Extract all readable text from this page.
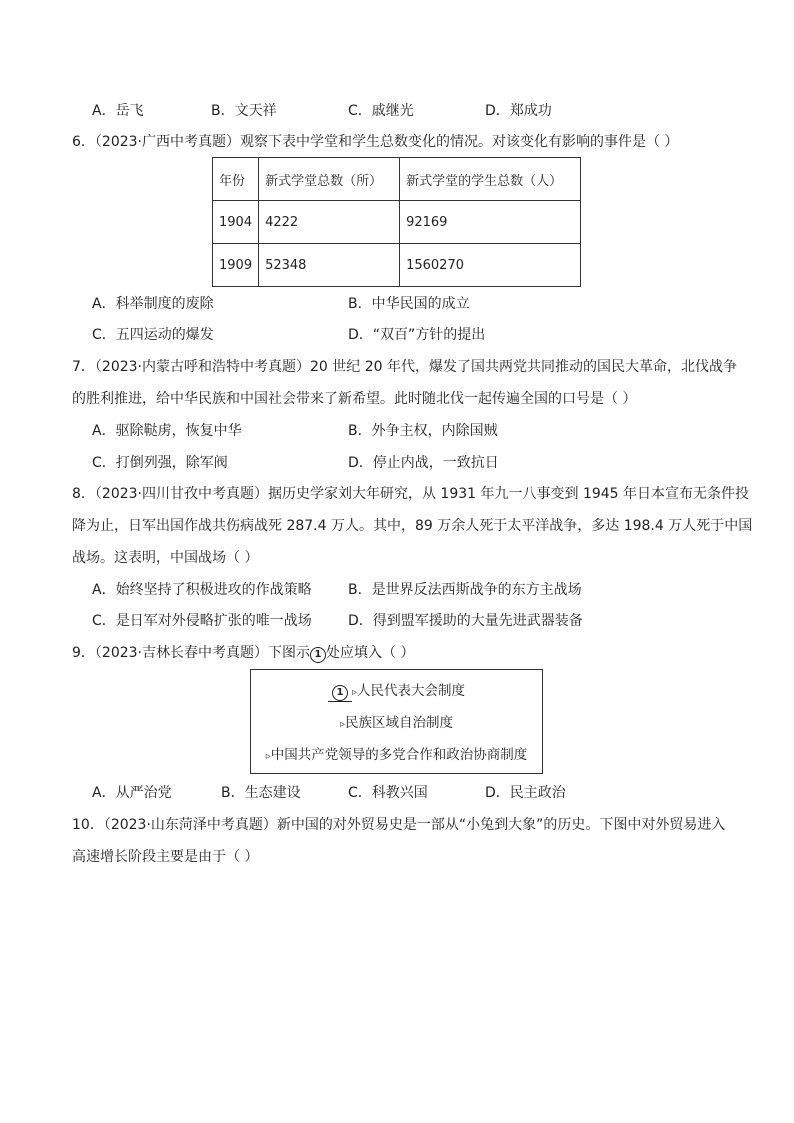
A．岳飞	B．文天祥	C．戚继光	D．郑成功
6．（2023·广西中考真题）观察下表中学堂和学生总数变化的情况。对该变化有影响的事件是（ ）
年份	新式学堂总数（所）	新式学堂的学生总数（人）
1904	4222	92169
1909	52348	1560270
A．科举制度的废除	B．中华民国的成立
C．五四运动的爆发	D．“双百”方针的提出
7．（2023·内蒙古呼和浩特中考真题）20 世纪 20 年代，爆发了国共两党共同推动的国民大革命，北伐战争
的胜利推进，给中华民族和中国社会带来了新希望。此时随北伐一起传遍全国的口号是（ ）
A．驱除鞑虏，恢复中华	B．外争主权，内除国贼
C．打倒列强，除军阀	D．停止内战，一致抗日
8．（2023·四川甘孜中考真题）据历史学家刘大年研究，从 1931 年九一八事变到 1945 年日本宣布无条件投
降为止，日军出国作战共伤病战死 287.4 万人。其中，89 万余人死于太平洋战争，多达 198.4 万人死于中国
战场。这表明，中国战场（ ）
A．始终坚持了积极进攻的作战策略	B．是世界反法西斯战争的东方主战场
C．是日军对外侵略扩张的唯一战场	D．得到盟军援助的大量先进武器装备
9．（2023·吉林长春中考真题）下图示 1 处应填入（ ）
1 ▹人民代表大会制度
▹民族区域自治制度
▹中国共产党领导的多党合作和政治协商制度
A．从严治党	B．生态建设	C．科教兴国	D．民主政治
10．（2023·山东菏泽中考真题）新中国的对外贸易史是一部从“小兔到大象”的历史。下图中对外贸易进入
高速增长阶段主要是由于（ ）
